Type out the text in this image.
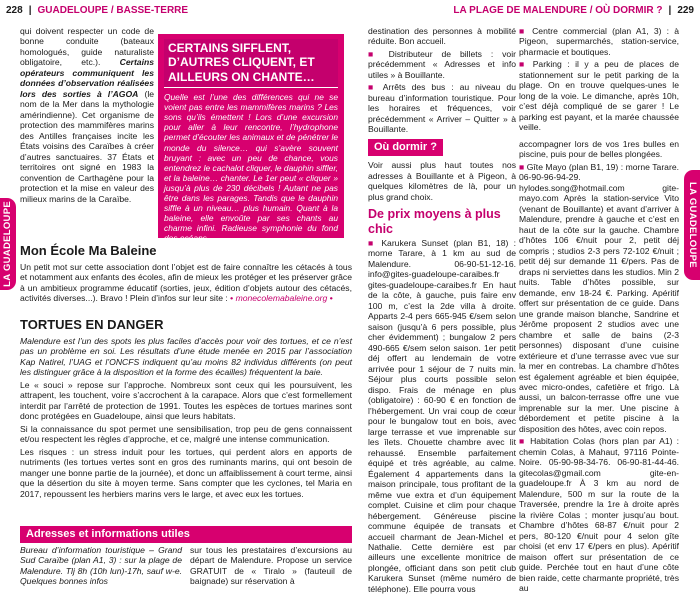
228 | GUADELOUPE / BASSE-TERRE	LA PLAGE DE MALENDURE / OÙ DORMIR ? | 229
LA GUADELOUPE	LA GUADELOUPE

qui doivent respecter un code de bonne conduite (bateaux homologués, guide naturaliste obligatoire, etc.). Certains opérateurs communiquent les données d’observation réalisées lors des sorties à l’AGOA (le nom de la Mer dans la mythologie amérindienne). Cet organisme de protection des mammifères marins des Antilles françaises incite les États voisins des Caraïbes à créer d’autres sanctuaires. 37 États et territoires ont signé en 1983 la convention de Carthagène pour la protection et la mise en valeur des milieux marins de la Caraïbe.

CERTAINS SIFFLENT, D’AUTRES CLIQUENT, ET AILLEURS ON CHANTE…

Quelle est l’une des différences qui ne se voient pas entre les mammifères marins ? Les sons qu’ils émettent ! Lors d’une excursion pour aller à leur rencontre, l’hydrophone permet d’écouter les animaux et de pénétrer le monde du silence… qui s’avère souvent bruyant : avec un peu de chance, vous entendrez le cachalot cliquer, le dauphin siffler, et la baleine… chanter. Le 1er peut « cliquer » jusqu’à plus de 230 décibels ! Autant ne pas être dans les parages. Tandis que le dauphin siffle à un niveau… plus humain. Quant à la baleine, elle envoûte par ses chants au charme infini. Radieuse symphonie du fond des océans.

Mon École Ma Baleine

Un petit mot sur cette association dont l’objet est de faire connaître les cétacés à tous et notamment aux enfants des écoles, afin de mieux les protéger et les préserver grâce à un ambitieux programme éducatif (sorties, jeux, édition d’objets autour des cétacés, activités diverses...). Bravo ! Plein d’infos sur leur site : • monecolemabaleine.org •

TORTUES EN DANGER

Malendure est l’un des spots les plus faciles d’accès pour voir des tortues, et ce n’est pas un problème en soi. Les résultats d’une étude menée en 2015 par l’association Kap Natirel, l’UAG et l’ONCFS indiquent qu’au moins 82 individus différents (on peut les distinguer grâce à la disposition et la forme des écailles) fréquentent la baie.

Le « souci » repose sur l’approche. Nombreux sont ceux qui les poursuivent, les attrapent, les touchent, voire s’accrochent à la carapace. Alors que c’est formellement interdit par l’arrêté de protection de 1991. Toutes les espèces de tortues marines sont donc protégées en Guadeloupe, ainsi que leurs habitats.

Si la connaissance du spot permet une sensibilisation, trop peu de gens connaissent et/ou respectent les règles d’approche, et ce, malgré une intense communication.

Les risques : un stress induit pour les tortues, qui perdent alors en apports de nutriments (les tortues vertes sont en gros des ruminants marins, qui ont besoin de manger une bonne partie de la journée), et donc un affaiblissement à court terme, ainsi que la désertion du site à moyen terme. Sans compter que les cyclones, tel Maria en 2017, repoussent les herbiers marins vers le large, et avec eux les tortues.

Adresses et informations utiles

Bureau d’information touristique – Grand Sud Caraïbe (plan A1, 3) : sur la plage de Malendure. Tlj 8h (10h lun)-17h, sauf w-e. Quelques bonnes infos

sur tous les prestataires d’excursions au départ de Malendure. Propose un service GRATUIT de « Tiralo » (fauteuil de baignade) sur réservation à

destination des personnes à mobilité réduite. Bon accueil.

■ Distributeur de billets : voir précédemment « Adresses et info utiles » à Bouillante.

■ Arrêts des bus : au niveau du bureau d’information touristique. Pour les horaires et fréquences, voir précédemment « Arriver – Quitter » à Bouillante.

Où dormir ?

Voir aussi plus haut toutes nos adresses à Bouillante et à Pigeon, à quelques kilomètres de là, pour un plus grand choix.

De prix moyens à plus chic

■ Karukera Sunset (plan B1, 18) : morne Tarare, à 1 km au sud de Malendure. 06-90-51-12-16. info@gites-guadeloupe-caraibes.fr gites-guadeloupe-caraibes.fr En haut de la côte, à gauche, puis faire env 100 m, c’est la 2de villa à droite. Apparts 2-4 pers 665-945 €/sem selon saison (jusqu’à 6 pers possible, plus cher évidemment) ; bungalow 2 pers 490-665 €/sem selon saison. 1er petit déj offert au lendemain de votre arrivée pour 1 séjour de 7 nuits min. Séjour plus courts possible selon dispo. Frais de ménage en plus (obligatoire) : 60-90 € en fonction de l’hébergement. Un vrai coup de cœur pour le bungalow tout en bois, avec large terrasse et vue imprenable sur les îlets. Chouette chambre avec lit rehaussé. Ensemble parfaitement équipé et très agréable, au calme. Également 4 appartements dans la maison principale, tous profitant de la même vue extra et d’un équipement complet. Cuisine et clim pour chaque hébergement. Généreuse piscine commune équipée de transats et accueil charmant de Jean-Michel et Nathalie. Cette dernière est par ailleurs une excellente monitrice de plongée, officiant dans son petit club Karukera Sunset (même numéro de téléphone). Elle pourra vous

■ Centre commercial (plan A1, 3) : à Pigeon, supermarchés, station-service, pharmacie et boutiques.

■ Parking : il y a peu de places de stationnement sur le petit parking de la plage. On en trouve quelques-unes le long de la voie. Le dimanche, après 10h, c’est déjà compliqué de se garer ! Le parking est payant, et la marée chaussée veille.

accompagner lors de vos 1res bulles en piscine, puis pour de belles plongées.

■ Gîte Mayo (plan B1, 19) : morne Tarare. 06-90-96-94-29. hylodes.song@hotmail.com gite-mayo.com Après la station-service Vito (venant de Bouillante) et avant d’arriver à Malendure, prendre à gauche et c’est en haut de la côte sur la gauche. Chambre d’hôtes 106 €/nuit pour 2, petit déj compris ; studios 2-3 pers 72-102 €/nuit ; petit déj sur demande 11 €/pers. Pas de draps ni serviettes dans les studios. Min 2 nuits. Table d’hôtes possible, sur demande, env 18-24 €. Parking. Apéritif offert sur présentation de ce guide. Dans une grande maison blanche, Sandrine et Jérôme proposent 2 studios avec une chambre et salle de bains (2-3 personnes) disposant d’une cuisine extérieure et d’une terrasse avec vue sur la mer en contrebas. La chambre d’hôtes est également agréable et bien équipée, avec micro-ondes, cafetière et frigo. Là aussi, un balcon-terrasse offre une vue imprenable sur la mer. Une piscine à débordement et petite piscine à la disposition des hôtes, avec coin repos.

■ Habitation Colas (hors plan par A1) : chemin Colas, à Mahaut, 97116 Pointe-Noire. 05-90-98-34-76. 06-90-81-44-46. gitecolas@gmail.com gite-en-guadeloupe.fr À 3 km au nord de Malendure, 500 m sur la route de la Traversée, prendre la 1re à droite après la rivière Colas ; monter jusqu’au bout. Chambre d’hôtes 68-87 €/nuit pour 2 pers, 80-120 €/nuit pour 4 selon gîte choisi (et env 17 €/pers en plus). Apéritif maison offert sur présentation de ce guide. Perchée tout en haut d’une côte bien raide, cette charmante propriété, très au
